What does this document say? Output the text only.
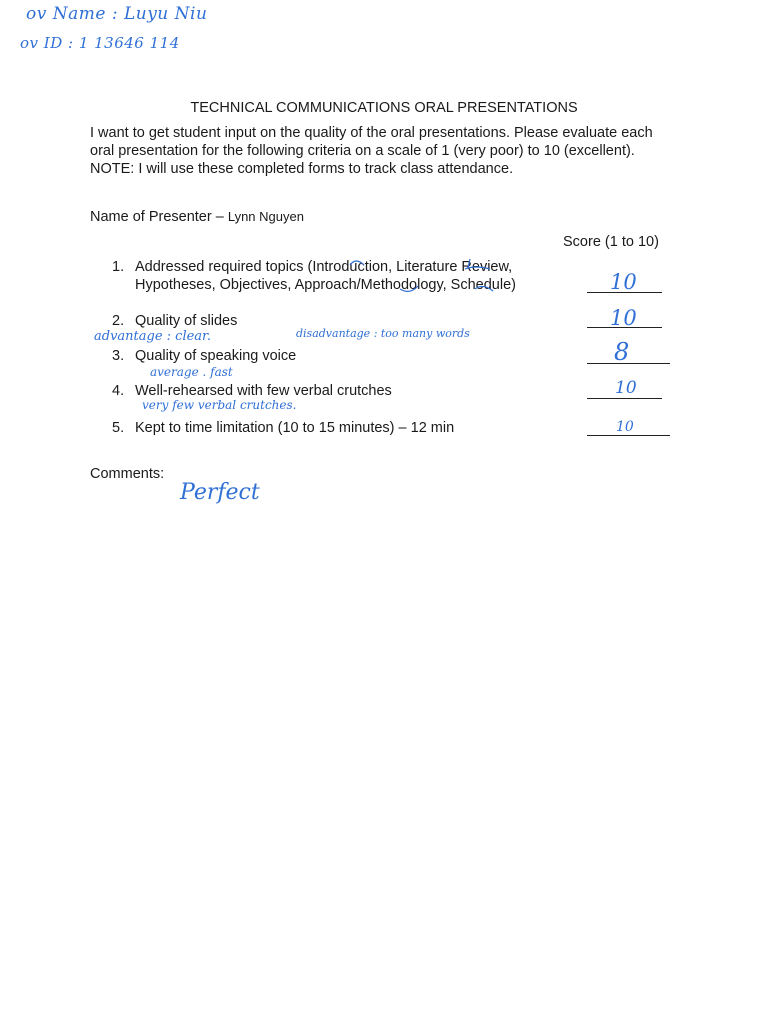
ov Name : Luyu Niu
ov ID : 1 13646 114
TECHNICAL COMMUNICATIONS ORAL PRESENTATIONS
I want to get student input on the quality of the oral presentations. Please evaluate each
oral presentation for the following criteria on a scale of 1 (very poor) to 10 (excellent).
NOTE: I will use these completed forms to track class attendance.
Name of Presenter – Lynn Nguyen
Score (1 to 10)
1. Addressed required topics (Introduction, Literature Review,
Hypotheses, Objectives, Approach/Methodology, Schedule)	10
2. Quality of slides	10
advantage : clear.	disadvantage : too many words
3. Quality of speaking voice	8
average . fast
4. Well-rehearsed with few verbal crutches	10
very few verbal crutches.
5. Kept to time limitation (10 to 15 minutes) – 12 min	10
Comments:
Perfect
